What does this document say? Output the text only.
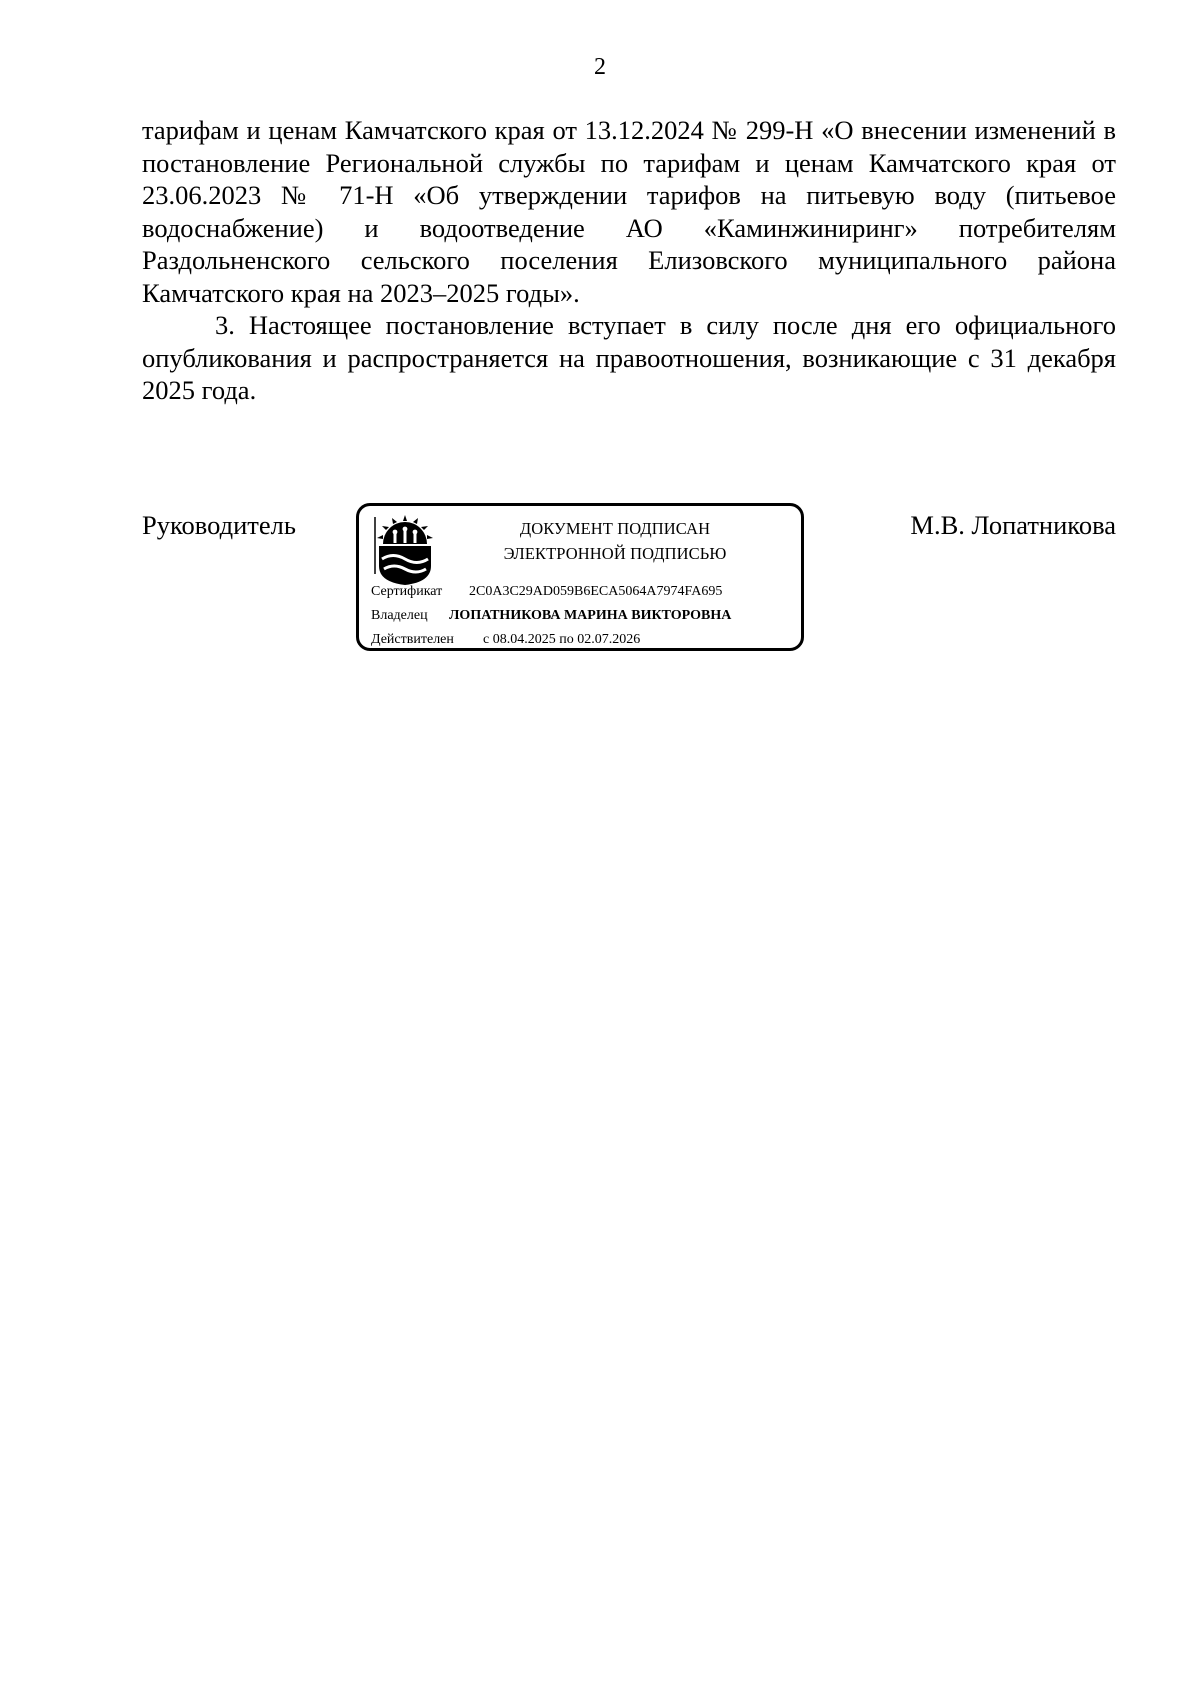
2

тарифам и ценам Камчатского края от 13.12.2024 № 299-Н «О внесении изменений в постановление Региональной службы по тарифам и ценам Камчатского края от 23.06.2023 № 71-Н «Об утверждении тарифов на питьевую воду (питьевое водоснабжение) и водоотведение АО «Каминжиниринг» потребителям Раздольненского сельского поселения Елизовского муниципального района Камчатского края на 2023–2025 годы».

3. Настоящее постановление вступает в силу после дня его официального опубликования и распространяется на правоотношения, возникающие с 31 декабря 2025 года.

Руководитель	ДОКУМЕНТ ПОДПИСАН
ЭЛЕКТРОННОЙ ПОДПИСЬЮ
Сертификат 2C0A3C29AD059B6ECA5064A7974FA695
Владелец ЛОПАТНИКОВА МАРИНА ВИКТОРОВНА
Действителен с 08.04.2025 по 02.07.2026
М.В. Лопатникова
